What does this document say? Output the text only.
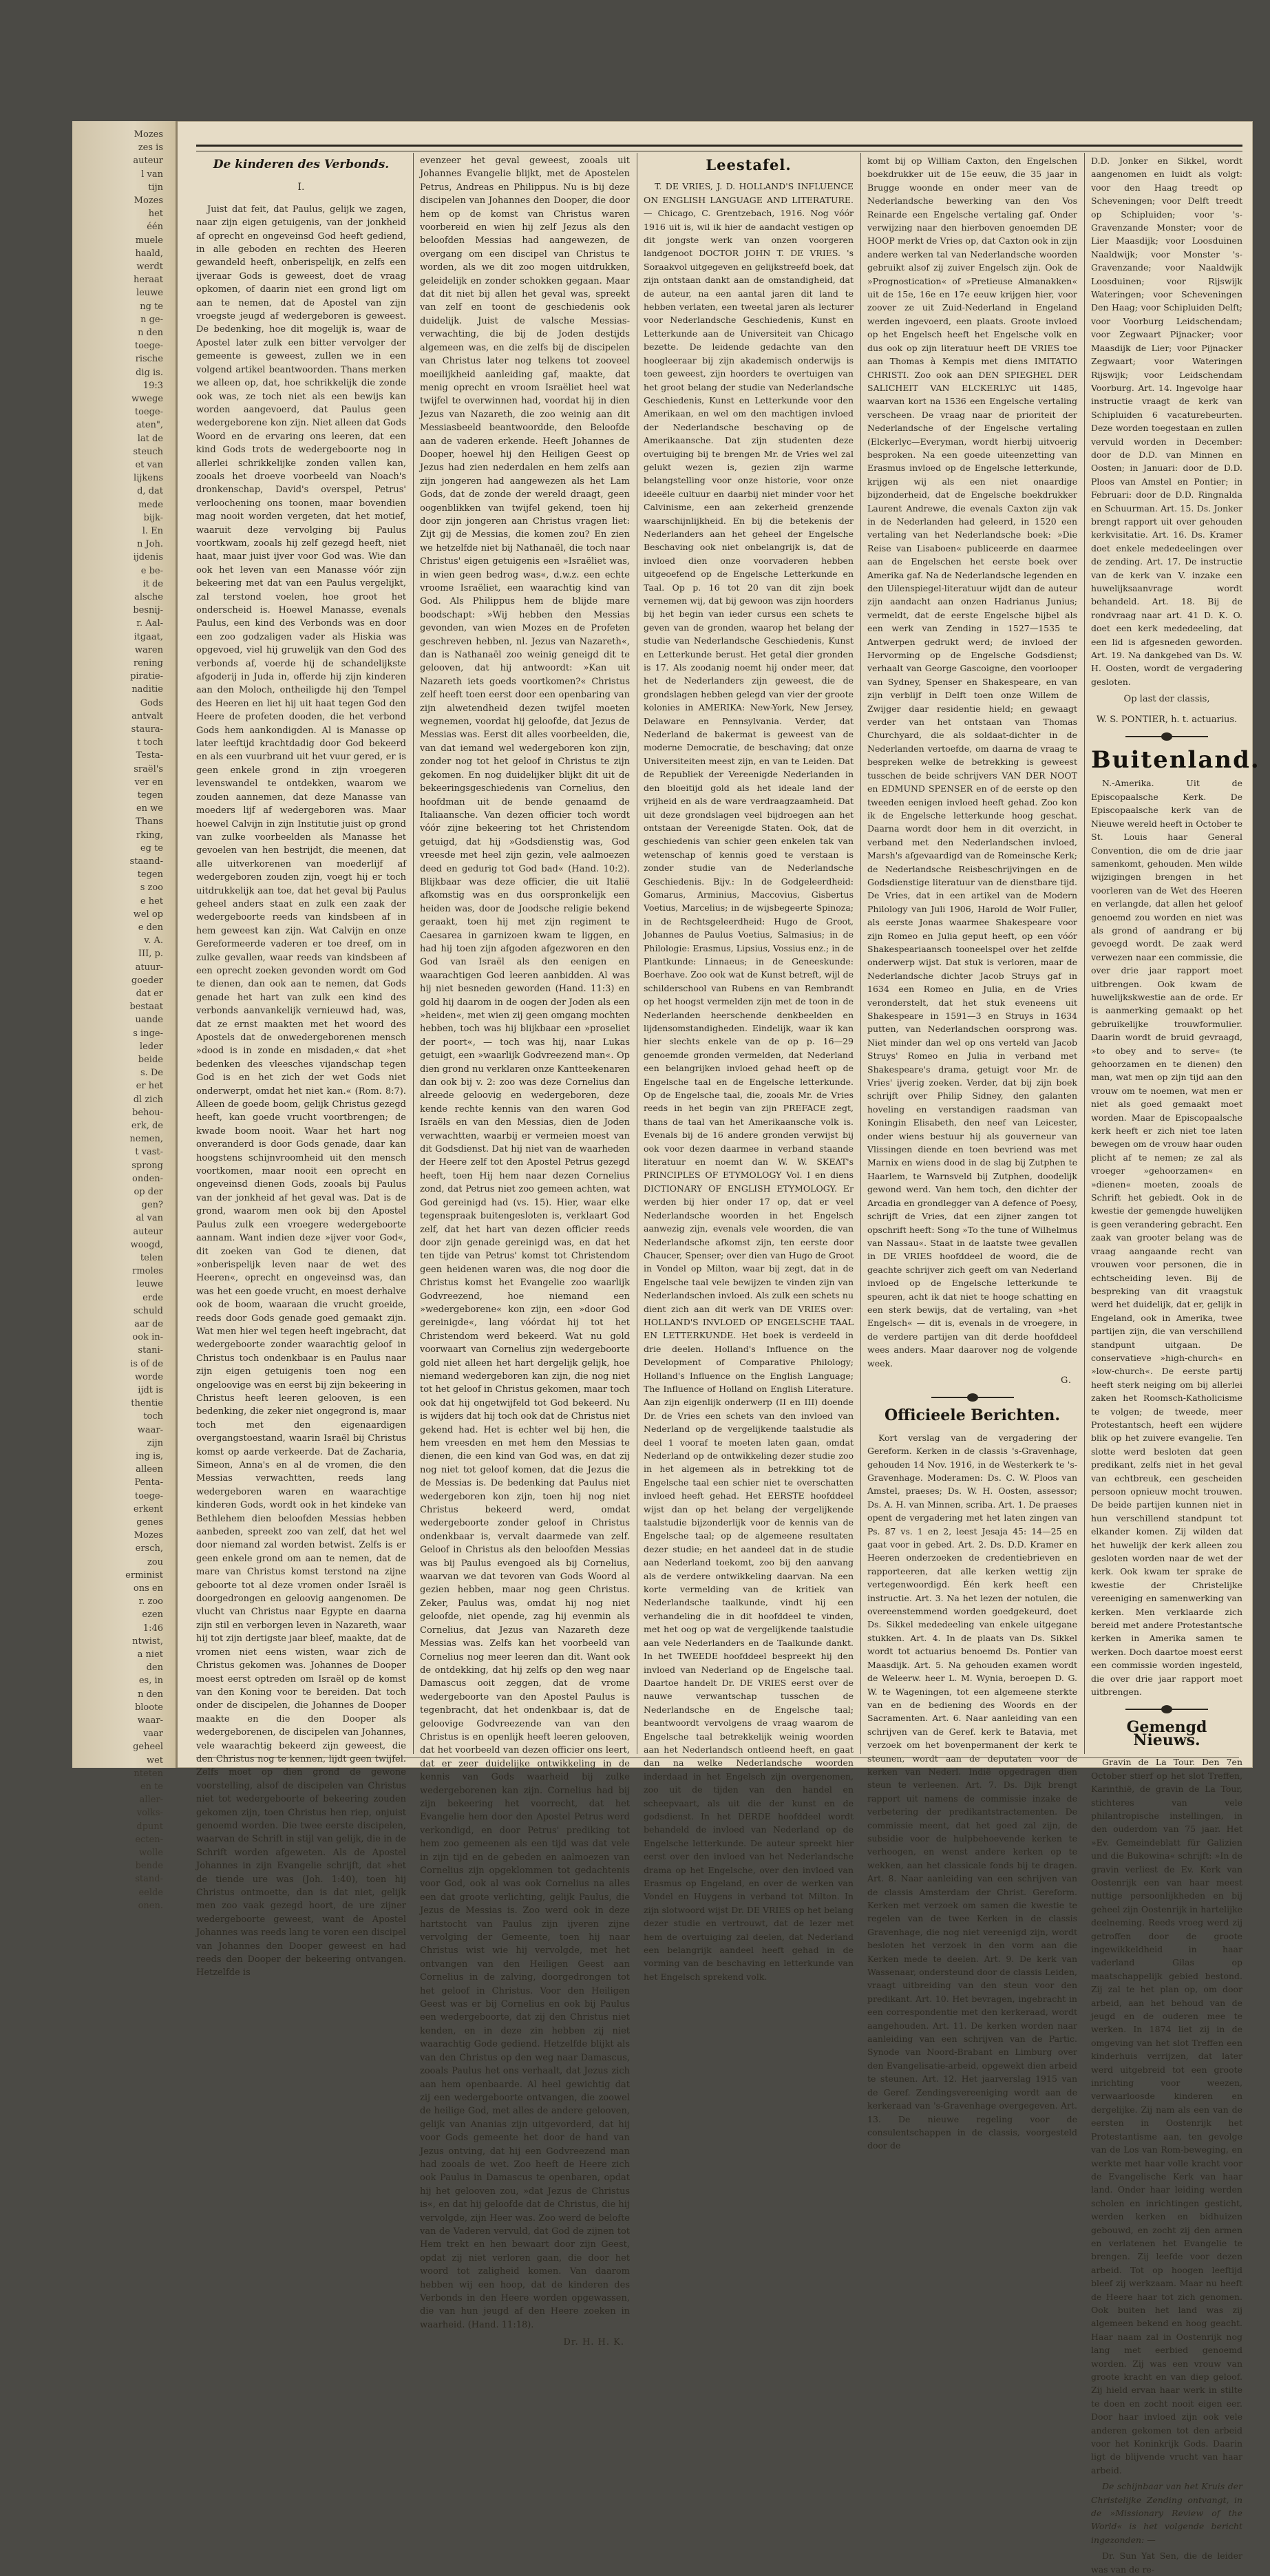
Mozes
zes is
auteur
l van
tijn
Mozes
het
één
muele
haald,
werdt
heraat
leuwe
ng te
n ge-
n den
toege-
rische
dig is.
19:3
wwege
toege-
aten",
lat de
steuch
et van
lijkens
d, dat
mede
bijk-
l. En
n Joh.
ijdenis
e be-
it de
alsche
besnij-
r. Aal-
itgaat,
waren
rening
piratie-
naditie
Gods
antvalt
staura-
t toch
Testa-
sraël's
ver en
tegen
en we
Thans
rking,
eg te
staand-
tegen
s zoo
e het
wel op
e den
v. A.
III, p.
atuur-
goeder
dat er
bestaat
uande
s inge-
leder
beide
s. De
er het
dl zich
behou-
erk, de
nemen,
t vast-
sprong
onden-
op der
gen?
al van
auteur
woogd,
telen
rmoles
leuwe
erde
schuld
aar de
ook in-
stani-
is of de
worde
ijdt is
thentie
toch
waar-
zijn
ing is,
alleen
Penta-
toege-
erkent
genes
Mozes
ersch,
zou
erminist
ons en
r. zoo
ezen
1:46
ntwist,
a niet
den
es, in
n den
bloote
waar-
vaar
geheel
wet
nteten
en te
aller-
volks-
dpunt
ecten-
wolle
bende
stand-
eelde
onen.
De kinderen des Verbonds.
I.

Juist dat feit, dat Paulus, gelijk we zagen, naar zijn eigen getuigenis, van der jonkheid af oprecht en ongeveinsd God heeft gediend, in alle geboden en rechten des Heeren gewandeld heeft, onberispelijk, en zelfs een ijveraar Gods is geweest, doet de vraag opkomen, of daarin niet een grond ligt om aan te nemen, dat de Apostel van zijn vroegste jeugd af wedergeboren is geweest. De bedenking, hoe dit mogelijk is, waar de Apostel later zulk een bitter vervolger der gemeente is geweest, zullen we in een volgend artikel beantwoorden. Thans merken we alleen op, dat, hoe schrikkelijk die zonde ook was, ze toch niet als een bewijs kan worden aangevoerd, dat Paulus geen wedergeborene kon zijn. Niet alleen dat Gods Woord en de ervaring ons leeren, dat een kind Gods trots de wedergeboorte nog in allerlei schrikkelijke zonden vallen kan, zooals het droeve voorbeeld van Noach's dronkenschap, David's overspel, Petrus' verloochening ons toonen, maar bovendien mag nooit worden vergeten, dat het motief, waaruit deze vervolging bij Paulus voortkwam, zooals hij zelf gezegd heeft, niet haat, maar juist ijver voor God was. Wie dan ook het leven van een Manasse vóór zijn bekeering met dat van een Paulus vergelijkt, zal terstond voelen, hoe groot het onderscheid is. Hoewel Manasse, evenals Paulus, een kind des Verbonds was en door een zoo godzaligen vader als Hiskia was opgevoed, viel hij gruwelijk van den God des verbonds af, voerde hij de schandelijkste afgoderij in Juda in, offerde hij zijn kinderen aan den Moloch, ontheiligde hij den Tempel des Heeren en liet hij uit haat tegen God den Heere de profeten dooden, die het verbond Gods hem aankondigden. Al is Manasse op later leeftijd krachtdadig door God bekeerd en als een vuurbrand uit het vuur gered, er is geen enkele grond in zijn vroegeren levenswandel te ontdekken, waarom we zouden aannemen, dat deze Manasse van moeders lijf af wedergeboren was. Maar hoewel Calvijn in zijn Institutie juist op grond van zulke voorbeelden als Manasse het gevoelen van hen bestrijdt, die meenen, dat alle uitverkorenen van moederlijf af wedergeboren zouden zijn, voegt hij er toch uitdrukkelijk aan toe, dat het geval bij Paulus geheel anders staat en zulk een zaak der wedergeboorte reeds van kindsbeen af in hem geweest kan zijn. Wat Calvijn en onze Gereformeerde vaderen er toe dreef, om in zulke gevallen, waar reeds van kindsbeen af een oprecht zoeken gevonden wordt om God te dienen, dan ook aan te nemen, dat Gods genade het hart van zulk een kind des verbonds aanvankelijk vernieuwd had, was, dat ze ernst maakten met het woord des Apostels dat de onwedergeborenen mensch »dood is in zonde en misdaden,« dat »het bedenken des vleesches vijandschap tegen God is en het zich der wet Gods niet onderwerpt, omdat het niet kan.« (Rom. 8:7). Alleen de goede boom, gelijk Christus gezegd heeft, kan goede vrucht voortbrengen; de kwade boom nooit. Waar het hart nog onveranderd is door Gods genade, daar kan hoogstens schijnvroomheid uit den mensch voortkomen, maar nooit een oprecht en ongeveinsd dienen Gods, zooals bij Paulus van der jonkheid af het geval was. Dat is de grond, waarom men ook bij den Apostel Paulus zulk een vroegere wedergeboorte aannam. Want indien deze »ijver voor God«, dit zoeken van God te dienen, dat »onberispelijk leven naar de wet des Heeren«, oprecht en ongeveinsd was, dan was het een goede vrucht, en moest derhalve ook de boom, waaraan die vrucht groeide, reeds door Gods genade goed gemaakt zijn. Wat men hier wel tegen heeft ingebracht, dat wedergeboorte zonder waarachtig geloof in Christus toch ondenkbaar is en Paulus naar zijn eigen getuigenis toen nog een ongeloovige was en eerst bij zijn bekeering in Christus heeft leeren gelooven, is een bedenking, die zeker niet ongegrond is, maar toch met den eigenaardigen overgangstoestand, waarin Israël bij Christus komst op aarde verkeerde. Dat de Zacharia, Simeon, Anna's en al de vromen, die den Messias verwachtten, reeds lang wedergeboren waren en waarachtige kinderen Gods, wordt ook in het kindeke van Bethlehem dien beloofden Messias hebben aanbeden, spreekt zoo van zelf, dat het wel door niemand zal worden betwist. Zelfs is er geen enkele grond om aan te nemen, dat de mare van Christus komst terstond na zijne geboorte tot al deze vromen onder Israël is doorgedrongen en geloovig aangenomen. De vlucht van Christus naar Egypte en daarna zijn stil en verborgen leven in Nazareth, waar hij tot zijn dertigste jaar bleef, maakte, dat de vromen niet eens wisten, waar zich de Christus gekomen was. Johannes de Dooper moest eerst optreden om Israël op de komst van den Koning voor te bereiden. Dat toch onder de discipelen, die Johannes de Dooper maakte en die den Dooper als wedergeborenen, de discipelen van Johannes, vele waarachtig bekeerd zijn geweest, die den Christus nog te kennen, lijdt geen twijfel. Zelfs moet op dien grond de gewone voorstelling, alsof de discipelen van Christus niet tot wedergeboorte of bekeering zouden gekomen zijn, toen Christus hen riep, onjuist genoemd worden. Die twee eerste discipelen, waarvan de Schrift in stijl van gelijk, die in de Schrift worden afgeweten. Als de Apostel Johannes in zijn Evangelie schrijft, dat »het de tiende ure was (Joh. 1:40), toen hij Christus ontmoette, dan is dat niet, gelijk men zoo vaak gezegd hoort, de ure zijner wedergeboorte geweest, want de Apostel Johannes was reeds lang te voren een discipel van Johannes den Dooper geweest en had reeds den Dooper der bekeering ontvangen. Hetzelfde is

evenzeer het geval geweest, zooals uit Johannes Evangelie blijkt, met de Apostelen Petrus, Andreas en Philippus. Nu is bij deze discipelen van Johannes den Dooper, die door hem op de komst van Christus waren voorbereid en wien hij zelf Jezus als den beloofden Messias had aangewezen, de overgang om een discipel van Christus te worden, als we dit zoo mogen uitdrukken, geleidelijk en zonder schokken gegaan. Maar dat dit niet bij allen het geval was, spreekt van zelf en toont de geschiedenis ook duidelijk. Juist de valsche Messias-verwachting, die bij de Joden destijds algemeen was, en die zelfs bij de discipelen van Christus later nog telkens tot zooveel moeilijkheid aanleiding gaf, maakte, dat menig oprecht en vroom Israëliet heel wat twijfel te overwinnen had, voordat hij in dien Jezus van Nazareth, die zoo weinig aan dit Messiasbeeld beantwoordde, den Beloofde aan de vaderen erkende. Heeft Johannes de Dooper, hoewel hij den Heiligen Geest op Jezus had zien nederdalen en hem zelfs aan zijn jongeren had aangewezen als het Lam Gods, dat de zonde der wereld draagt, geen oogenblikken van twijfel gekend, toen hij door zijn jongeren aan Christus vragen liet: Zijt gij de Messias, die komen zou? En zien we hetzelfde niet bij Nathanaël, die toch naar Christus' eigen getuigenis een »Israëliet was, in wien geen bedrog was«, d.w.z. een echte vroome Israëliet, een waarachtig kind van God. Als Philippus hem de blijde mare boodschapt: »Wij hebben den Messias gevonden, van wien Mozes en de Profeten geschreven hebben, nl. Jezus van Nazareth«, dan is Nathanaël zoo weinig geneigd dit te gelooven, dat hij antwoordt: »Kan uit Nazareth iets goeds voortkomen?« Christus zelf heeft toen eerst door een openbaring van zijn alwetendheid dezen twijfel moeten wegnemen, voordat hij geloofde, dat Jezus de Messias was. Eerst dit alles voorbeelden, die, van dat iemand wel wedergeboren kon zijn, zonder nog tot het geloof in Christus te zijn gekomen. En nog duidelijker blijkt dit uit de bekeeringsgeschiedenis van Cornelius, den hoofdman uit de bende genaamd de Italiaansche. Van dezen officier toch wordt vóór zijne bekeering tot het Christendom getuigd, dat hij »Godsdienstig was, God vreesde met heel zijn gezin, vele aalmoezen deed en gedurig tot God bad« (Hand. 10:2). Blijkbaar was deze officier, die uit Italië afkomstig was en dus oorspronkelijk een heiden was, door de Joodsche religie bekend geraakt, toen hij met zijn regiment te Caesarea in garnizoen kwam te liggen, en had hij toen zijn afgoden afgezworen en den God van Israël als den eenigen en waarachtigen God leeren aanbidden. Al was hij niet besneden geworden (Hand. 11:3) en gold hij daarom in de oogen der Joden als een »heiden«, met wien zij geen omgang mochten hebben, toch was hij blijkbaar een »proseliet der poort«, — toch was hij, naar Lukas getuigt, een »waarlijk Godvreezend man«. Op dien grond nu verklaren onze Kantteekenaren dan ook bij v. 2: zoo was deze Cornelius dan alreede geloovig en wedergeboren, deze kende rechte kennis van den waren God Israëls en van den Messias, dien de Joden verwachtten, waarbij er vermeien moest van dit Godsdienst. Dat hij niet van de waarheden der Heere zelf tot den Apostel Petrus gezegd heeft, toen Hij hem naar dezen Cornelius zond, dat Petrus niet zoo gemeen achten, wat God gereinigd had (vs. 15). Hier, waar elke tegenspraak buitengesloten is, verklaart God zelf, dat het hart van dezen officier reeds door zijn genade gereinigd was, en dat het ten tijde van Petrus' komst tot Christendom geen heidenen waren was, die nog door die Christus komst het Evangelie zoo waarlijk Godvreezend, hoe niemand een »wedergeborene« kon zijn, een »door God gereinigde«, lang vóórdat hij tot het Christendom werd bekeerd. Wat nu gold voorwaart van Cornelius zijn wedergeboorte gold niet alleen het hart dergelijk gelijk, hoe niemand wedergeboren kan zijn, die nog niet tot het geloof in Christus gekomen, maar toch ook dat hij ongetwijfeld tot God bekeerd. Nu is wijders dat hij toch ook dat de Christus niet gekend had. Het is echter wel bij hen, die hem vreesden en met hem den Messias te dienen, die een kind van God was, en dat zij nog niet tot geloof komen, dat die Jezus die de Messias is. De bedenking dat Paulus niet wedergeboren kon zijn, toen hij nog niet Christus bekeerd werd, omdat wedergeboorte zonder geloof in Christus ondenkbaar is, vervalt daarmede van zelf. Geloof in Christus als den beloofden Messias was bij Paulus evengoed als bij Cornelius, waarvan we dat tevoren van Gods Woord al gezien hebben, maar nog geen Christus. Zeker, Paulus was, omdat hij nog niet geloofde, niet opende, zag hij evenmin als Cornelius, dat Jezus van Nazareth deze Messias was. Zelfs kan het voorbeeld van Cornelius nog meer leeren dan dit. Want ook de ontdekking, dat hij zelfs op den weg naar Damascus ooit zeggen, dat de vrome wedergeboorte van den Apostel Paulus is tegenbracht, dat het ondenkbaar is, dat de geloovige Godvreezende van van den Christus is en openlijk heeft leeren gelooven, dat het voorbeeld van dezen officier ons leert, dat er zeer duidelijke ontwikkeling in de kennis van Gods waarheid bij zulke wedergeborenen kan zijn. Cornelius had bij zijn bekeering het voorrecht, dat het Evangelie hem door den Apostel Petrus werd verkondigd, en door Petrus' prediking tot hem zoo gemeenen als een tijd was dat vele in zijn tijd en de gebeden en aalmoezen van Cornelius zijn opgeklommen tot gedachtenis voor God, ook al was ook Cornelius na alles een dat groote verlichting, gelijk Paulus, die Jezus de Messias is. Zoo werd ook in deze hartstocht van Paulus zijn ijveren zijne vervolging der Gemeente, toen hij naar Christus wist wie hij vervolgde, met het ontvangen van den Heiligen Geest aan Cornelius in de zalving, doorgedrongen tot het geloof in Christus. Voor den Heiligen Geest was er bij Cornelius en ook bij Paulus een wedergeboorte, dat zij den Christus niet kenden, en in deze zin hebben zij niet waarachtig Gode gediend. Hetzelfde blijkt als van den Christus op den weg naar Damascus, zooals Paulus het ons verhaalt, dat Jezus zich aan hem openbaarde. Al heel gewichtig dat zij een wedergeboorte ontvangen, die zoowel de heilige God, met alles de andere gelooven, gelijk van Ananias zijn uitgevorderd, dat hij voor Gods gemeente het door de hand van Jezus ontving, dat hij een Godvreezend man had zooals de wet. Zoo heeft de Heere zich ook Paulus in Damascus te openbaren, opdat hij het gelooven zou, »dat Jezus de Christus is«, en dat hij geloofde dat de Christus, die hij vervolgde, zijn Heer was. Zoo werd de belofte van de Vaderen vervuld, dat God de zijnen tot Hem trekt en hen bewaart door zijn Geest, opdat zij niet verloren gaan, die door het woord tot zaligheid komen. Van daarom hebben wij een hoop, dat de kinderen des Verbonds in den Heere worden opgewassen, die van hun jeugd af den Heere zoeken in waarheid. (Hand. 11:18).

Dr. H. H. K.
Leestafel.

T. DE VRIES, J. D. HOLLAND'S INFLUENCE ON ENGLISH LANGUAGE AND LITERATURE. — Chicago, C. Grentzebach, 1916. Nog vóór 1916 uit is, wil ik hier de aandacht vestigen op dit jongste werk van onzen voorgeren landgenoot DOCTOR JOHN T. DE VRIES. 's Soraakvol uitgegeven en gelijkstreefd boek, dat zijn ontstaan dankt aan de omstandigheid, dat de auteur, na een aantal jaren dit land te hebben verlaten, een tweetal jaren als lecturer voor Nederlandsche Geschiedenis, Kunst en Letterkunde aan de Universiteit van Chicago bezette. De leidende gedachte van den hoogleeraar bij zijn akademisch onderwijs is toen geweest, zijn hoorders te overtuigen van het groot belang der studie van Nederlandsche Geschiedenis, Kunst en Letterkunde voor den Amerikaan, en wel om den machtigen invloed der Nederlandsche beschaving op de Amerikaansche. Dat zijn studenten deze overtuiging bij te brengen Mr. de Vries wel zal gelukt wezen is, gezien zijn warme belangstelling voor onze historie, voor onze ideeële cultuur en daarbij niet minder voor het Calvinisme, een aan zekerheid grenzende waarschijnlijkheid. En bij die betekenis der Nederlanders aan het geheel der Engelsche Beschaving ook niet onbelangrijk is, dat de invloed dien onze voorvaderen hebben uitgeoefend op de Engelsche Letterkunde en Taal. Op p. 16 tot 20 van dit zijn boek vernemen wij, dat bij gewoon was zijn hoorders bij het begin van ieder cursus een schets te geven van de gronden, waarop het belang der studie van Nederlandsche Geschiedenis, Kunst en Letterkunde berust. Het getal dier gronden is 17. Als zoodanig noemt hij onder meer, dat het de Nederlanders zijn geweest, die de grondslagen hebben gelegd van vier der groote kolonies in AMERIKA: New-York, New Jersey, Delaware en Pennsylvania. Verder, dat Nederland de bakermat is geweest van de moderne Democratie, de beschaving; dat onze Universiteiten meest zijn, en van te Leiden. Dat de Republiek der Vereenigde Nederlanden in den bloeitijd gold als het ideale land der vrijheid en als de ware verdraagzaamheid. Dat uit deze grondslagen veel bijdroegen aan het ontstaan der Vereenigde Staten. Ook, dat de geschiedenis van schier geen enkelen tak van wetenschap of kennis goed te verstaan is zonder studie van de Nederlandsche Geschiedenis. Bijv.: In de Godgeleerdheid: Gomarus, Arminius, Maccovius, Gisbertus Voetius, Marcelius; in de wijsbegeerte Spinoza; in de Rechtsgeleerdheid: Hugo de Groot, Johannes de Paulus Voetius, Salmasius; in de Philologie: Erasmus, Lipsius, Vossius enz.; in de Plantkunde: Linnaeus; in de Geneeskunde: Boerhave. Zoo ook wat de Kunst betreft, wijl de schilderschool van Rubens en van Rembrandt op het hoogst vermelden zijn met de toon in de Nederlanden heerschende denkbeelden en lijdensomstandigheden. Eindelijk, waar ik kan hier slechts enkele van de op p. 16—29 genoemde gronden vermelden, dat Nederland een belangrijken invloed gehad heeft op de Engelsche taal en de Engelsche letterkunde. Op de Engelsche taal, die, zooals Mr. de Vries reeds in het begin van zijn PREFACE zegt, thans de taal van het Amerikaansche volk is. Evenals bij de 16 andere gronden verwijst bij ook voor dezen daarmee in verband staande literatuur en noemt dan W. W. SKEAT's PRINCIPLES OF ETYMOLOGY Vol. I en diens DICTIONARY OF ENGLISH ETYMOLOGY. Er werden bij hier onder 17 op, dat er veel Nederlandsche woorden in het Engelsch aanwezig zijn, evenals vele woorden, die van Nederlandsche afkomst zijn, ten eerste door Chaucer, Spenser; over dien van Hugo de Groot in Vondel op Milton, waar bij zegt, dat in de Engelsche taal vele bewijzen te vinden zijn van Nederlandschen invloed. Als zulk een schets nu dient zich aan dit werk van DE VRIES over: HOLLAND'S INVLOED OP ENGELSCHE TAAL EN LETTERKUNDE. Het boek is verdeeld in drie deelen. Holland's Influence on the Development of Comparative Philology; Holland's Influence on the English Language; The Influence of Holland on English Literature. Aan zijn eigenlijk onderwerp (II en III) doende Dr. de Vries een schets van den invloed van Nederland op de vergelijkende taalstudie als deel 1 vooraf te moeten laten gaan, omdat Nederland op de ontwikkeling dezer studie zoo in het algemeen als in betrekking tot de Engelsche taal een schier niet te overschatten invloed heeft gehad. Het EERSTE hoofddeel wijst dan op het belang der vergelijkende taalstudie bijzonderlijk voor de kennis van de Engelsche taal; op de algemeene resultaten dezer studie; en het aandeel dat in de studie aan Nederland toekomt, zoo bij den aanvang als de verdere ontwikkeling daarvan. Na een korte vermelding van de kritiek van Nederlandsche taalkunde, vindt hij een verhandeling die in dit hoofddeel te vinden, met het oog op wat de vergelijkende taalstudie aan vele Nederlanders en de Taalkunde dankt. In het TWEEDE hoofddeel bespreekt hij den invloed van Nederland op de Engelsche taal. Daartoe handelt Dr. DE VRIES eerst over de nauwe verwantschap tusschen de Nederlandsche en de Engelsche taal; beantwoordt vervolgens de vraag waarom de Engelsche taal betrekkelijk weinig woorden aan het Nederlandsch ontleend heeft, en gaat dan na welke Nederlandsche woorden inderdaad in het Engelsch zijn overgenomen, zoo uit de tijden van den handel en scheepvaart, als uit die der kunst en de godsdienst. In het DERDE hoofddeel wordt behandeld de invloed van Nederland op de Engelsche letterkunde. De auteur spreekt hier eerst over den invloed van het Nederlandsche drama op het Engelsche, over den invloed van Erasmus op Engeland, en over de werken van Vondel en Huygens in verband tot Milton. In zijn slotwoord wijst Dr. DE VRIES op het belang dezer studie en vertrouwt, dat de lezer met hem de overtuiging zal deelen, dat Nederland een belangrijk aandeel heeft gehad in de vorming van de beschaving en letterkunde van het Engelsch sprekend volk.

komt bij op William Caxton, den Engelschen boekdrukker uit de 15e eeuw, die 35 jaar in Brugge woonde en onder meer van de Nederlandsche bewerking van den Vos Reinarde een Engelsche vertaling gaf. Onder verwijzing naar den hierboven genoemden DE HOOP merkt de Vries op, dat Caxton ook in zijn andere werken tal van Nederlandsche woorden gebruikt alsof zij zuiver Engelsch zijn. Ook de »Prognostication« of »Pretieuse Almanakken« uit de 15e, 16e en 17e eeuw krijgen hier, voor zoover ze uit Zuid-Nederland in Engeland werden ingevoerd, een plaats. Groote invloed op het Engelsch heeft het Engelsche volk en dus ook op zijn literatuur heeft DE VRIES toe aan Thomas à Kempis met diens IMITATIO CHRISTI. Zoo ook aan DEN SPIEGHEL DER SALICHEIT VAN ELCKERLYC uit 1485, waarvan kort na 1536 een Engelsche vertaling verscheen. De vraag naar de prioriteit der Nederlandsche of der Engelsche vertaling (Elckerlyc—Everyman, wordt hierbij uitvoerig besproken. Na een goede uiteenzetting van Erasmus invloed op de Engelsche letterkunde, krijgen wij als een niet onaardige bijzonderheid, dat de Engelsche boekdrukker Laurent Andrewe, die evenals Caxton zijn vak in de Nederlanden had geleerd, in 1520 een vertaling van het Nederlandsche boek: »Die Reise van Lisaboen« publiceerde en daarmee aan de Engelschen het eerste boek over Amerika gaf. Na de Nederlandsche legenden en den Uilenspiegel-literatuur wijdt dan de auteur zijn aandacht aan onzen Hadrianus Junius; vermeldt, dat de eerste Engelsche bijbel als een werk van Zending in 1527—1535 te Antwerpen gedrukt werd; de invloed der Hervorming op de Engelsche Godsdienst; verhaalt van George Gascoigne, den voorlooper van Sydney, Spenser en Shakespeare, en van zijn verblijf in Delft toen onze Willem de Zwijger daar residentie hield; en gewaagt verder van het ontstaan van Thomas Churchyard, die als soldaat-dichter in de Nederlanden vertoefde, om daarna de vraag te bespreken welke de betrekking is geweest tusschen de beide schrijvers VAN DER NOOT en EDMUND SPENSER en of de eerste op den tweeden eenigen invloed heeft gehad. Zoo kon ik de Engelsche letterkunde hoog geschat. Daarna wordt door hem in dit overzicht, in verband met den Nederlandschen invloed, Marsh's afgevaardigd van de Romeinsche Kerk; de Nederlandsche Reisbeschrijvingen en de Godsdienstige literatuur van de dienstbare tijd. De Vries, dat in een artikel van de Modern Philology van Juli 1906, Harold de Wolf Fuller, als eerste Jonas waarmee Shakespeare voor zijn Romeo en Julia geput heeft, op een vóór Shakespeariaansch tooneelspel over het zelfde onderwerp wijst. Dat stuk is verloren, maar de Nederlandsche dichter Jacob Struys gaf in 1634 een Romeo en Julia, en de Vries veronderstelt, dat het stuk eveneens uit Shakespeare in 1591—3 en Struys in 1634 putten, van Nederlandschen oorsprong was. Niet minder dan wel op ons verteld van Jacob Struys' Romeo en Julia in verband met Shakespeare's drama, getuigt voor Mr. de Vries' ijverig zoeken. Verder, dat bij zijn boek schrijft over Philip Sidney, den galanten hoveling en verstandigen raadsman van Koningin Elisabeth, den neef van Leicester, onder wiens bestuur hij als gouverneur van Vlissingen diende en toen bevriend was met Marnix en wiens dood in de slag bij Zutphen te Haarlem, te Warnsveld bij Zutphen, doodelijk gewond werd. Van hem toch, den dichter der Arcadia en grondlegger van A defence of Poesy, schrijft de Vries, dat een zijner zangen tot opschrift heeft: Song »To the tune of Wilhelmus van Nassau«. Staat in de laatste twee gevallen in DE VRIES hoofddeel de woord, die de geachte schrijver zich geeft om van Nederland invloed op de Engelsche letterkunde te speuren, acht ik dat niet te hooge schatting en een sterk bewijs, dat de vertaling, van »het Engelsch« — dit is, evenals in de vroegere, in de verdere partijen van dit derde hoofddeel wees anders. Maar daarover nog de volgende week.

G.
Officieele Berichten.

Kort verslag van de vergadering der Gereform. Kerken in de classis 's-Gravenhage, gehouden 14 Nov. 1916, in de Westerkerk te 's-Gravenhage. Moderamen: Ds. C. W. Ploos van Amstel, praeses; Ds. W. H. Oosten, assessor; Ds. A. H. van Minnen, scriba. Art. 1. De praeses opent de vergadering met het laten zingen van Ps. 87 vs. 1 en 2, leest Jesaja 45: 14—25 en gaat voor in gebed. Art. 2. Ds. D.D. Kramer en Heeren onderzoeken de credentiebrieven en rapporteeren, dat alle kerken wettig zijn vertegenwoordigd. Één kerk heeft een instructie. Art. 3. Na het lezen der notulen, die overeenstemmend worden goedgekeurd, doet Ds. Sikkel mededeeling van enkele uitgegane stukken. Art. 4. In de plaats van Ds. Sikkel wordt tot actuarius benoemd Ds. Pontier van Maasdijk. Art. 5. Na gehouden examen wordt de Weleerw. heer L. M. Wynia, beroepen D. G. W. te Wageningen, tot een algemeene sterkte van en de bediening des Woords en der Sacramenten. Art. 6. Naar aanleiding van een schrijven van de Geref. kerk te Batavia, met verzoek om het bovenpermanent der kerk te steunen, wordt aan de deputaten voor de kerken van Nederl. Indië opgedragen dien steun te verleenen. Art. 7. Ds. Dijk brengt rapport uit namens de commissie inzake de verbetering der predikantstractementen. De commissie meent, dat het goed zal zijn, de subsidie voor de hulpbehoevende kerken te verhoogen, en wenst andere kerken op te wekken, aan het classicale fonds bij te dragen. Art. 8. Naar aanleiding van een schrijven van de classis Amsterdam der Christ. Gereform. Kerken met verzoek om samen die kwestie te regelen van de twee Kerken in de classis Gravenhage, die nog niet vereenigd zijn, wordt besloten het verzoek in den vorm aan die Kerken mede te deelen. Art. 9. De kerk van Wassenaar, ondersteund door de classis Leiden, vraagt uitbreiding van den steun voor den predikant. Art. 10. Het bevragen, ingebracht in een correspondentie met den kerkeraad, wordt aangehouden. Art. 11. De kerken worden naar aanleiding van een schrijven van de Partic. Synode van Noord-Brabant en Limburg over den Evangelisatie-arbeid, opgewekt dien arbeid te steunen. Art. 12. Het jaarverslag 1915 van de Geref. Zendingsvereeniging wordt aan de kerkeraad van 's-Gravenhage overgegeven. Art. 13. De nieuwe regeling voor de consulentschappen in de classis, voorgesteld door de

D.D. Jonker en Sikkel, wordt aangenomen en luidt als volgt: voor den Haag treedt op Scheveningen; voor Delft treedt op Schipluiden; voor 's-Gravenzande Monster; voor de Lier Maasdijk; voor Loosduinen Naaldwijk; voor Monster 's-Gravenzande; voor Naaldwijk Loosduinen; voor Rijswijk Wateringen; voor Scheveningen Den Haag; voor Schipluiden Delft; voor Voorburg Leidschendam; voor Zegwaart Pijnacker; voor Maasdijk de Lier; voor Pijnacker Zegwaart; voor Wateringen Rijswijk; voor Leidschendam Voorburg. Art. 14. Ingevolge haar instructie vraagt de kerk van Schipluiden 6 vacaturebeurten. Deze worden toegestaan en zullen vervuld worden in December: door de D.D. van Minnen en Oosten; in Januari: door de D.D. Ploos van Amstel en Pontier; in Februari: door de D.D. Ringnalda en Schuurman. Art. 15. Ds. Jonker brengt rapport uit over gehouden kerkvisitatie. Art. 16. Ds. Kramer doet enkele mededeelingen over de zending. Art. 17. De instructie van de kerk van V. inzake een huwelijksaanvrage wordt behandeld. Art. 18. Bij de rondvraag naar art. 41 D. K. O. doet een kerk mededeeling, dat een lid is afgesneden geworden. Art. 19. Na dankgebed van Ds. W. H. Oosten, wordt de vergadering gesloten.

Op last der classis,
W. S. PONTIER, h. t. actuarius.
Buitenland.

N.-Amerika. Uit de Episcopaalsche Kerk. De Episcopaalsche kerk van de Nieuwe wereld heeft in October te St. Louis haar General Convention, die om de drie jaar samenkomt, gehouden. Men wilde wijzigingen brengen in het voorleren van de Wet des Heeren en verlangde, dat allen het geloof genoemd zou worden en niet was als grond of aandrang er bij gevoegd wordt. De zaak werd verwezen naar een commissie, die over drie jaar rapport moet uitbrengen. Ook kwam de huwelijkskwestie aan de orde. Er is aanmerking gemaakt op het gebruikelijke trouwformulier. Daarin wordt de bruid gevraagd, »to obey and to serve« (te gehoorzamen en te dienen) den man, wat men op zijn tijd aan den vrouw om te noemen, wat men er niet als goed gemaakt moet worden. Maar de Episcopaalsche kerk heeft er zich niet toe laten bewegen om de vrouw haar ouden plicht af te nemen; ze zal als vroeger »gehoorzamen« en »dienen« moeten, zooals de Schrift het gebiedt. Ook in de kwestie der gemengde huwelijken is geen verandering gebracht. Een zaak van grooter belang was de vraag aangaande recht van vrouwen voor personen, die in echtscheiding leven. Bij de bespreking van dit vraagstuk werd het duidelijk, dat er, gelijk in Engeland, ook in Amerika, twee partijen zijn, die van verschillend standpunt uitgaan. De conservatieve »high-church« en »low-church«. De eerste partij heeft sterk neiging om bij allerlei zaken het Roomsch-Katholicisme te volgen; de tweede, meer Protestantsch, heeft een wijdere blik op het zuivere evangelie. Ten slotte werd besloten dat geen predikant, zelfs niet in het geval van echtbreuk, een gescheiden persoon opnieuw mocht trouwen. De beide partijen kunnen niet in hun verschillend standpunt tot elkander komen. Zij wilden dat het huwelijk der kerk alleen zou gesloten worden naar de wet der kerk. Ook kwam ter sprake de kwestie der Christelijke vereeniging en samenwerking van kerken. Men verklaarde zich bereid met andere Protestantsche kerken in Amerika samen te werken. Doch daartoe moest eerst een commissie worden ingesteld, die over drie jaar rapport moet uitbrengen.

Gemengd Nieuws.

Gravin de La Tour. Den 7en October stierf op het slot Treffen, Karinthië, de gravin de La Tour, stichteres van vele philantropische instellingen, in den ouderdom van 75 jaar. Het »Ev. Gemeindeblatt für Galizien und die Bukowina« schrijft: »In de gravin verliest de Ev. Kerk van Oostenrijk een van haar meest nuttige persoonlijkheden en bij geheel zijn Oostenrijk in hartelijke deelneming. Reeds vroeg werd zij getroffen door de groote ingewikkeldheid in haar vaderland Gilas op maatschappelijk gebied bestond. Zij zal te het plan op, om door arbeid, aan het behoud van de jeugd en de ouderen mee te werken. In 1874 liet zij in de omgeving van het slot Treffen een kinderhuis verrijzen, dat later werd uitgebreid tot een groote inrichting voor weezen, verwaarloosde kinderen en dergelijke. Zij nam als een van de eersten in Oostenrijk het Protestantisme aan, ten gevolge van de Los van Rom-beweging, en werkte met haar volle kracht voor de Evangelische Kerk van haar land. Onder haar leiding werden scholen en inrichtingen gesticht, werden kerken en bidhuizen gebouwd, en zocht zij den armen en verlatenen het Evangelie te brengen. Zij leefde voor dezen arbeid. Tot op hoogen leeftijd bleef zij werkzaam. Maar nu heeft de Heere haar tot zich genomen. Ook buiten het land was zij algemeen bekend en hoog geacht. Haar naam zal in Oostenrijk nog lang met eerbied genoemd worden. Zij was een vrouw van groote kracht en van diep geloof. Zij hield ervan haar werk in stilte te doen en zocht nooit eigen eer. Door haar invloed zijn ook vele anderen gekomen tot den arbeid voor het Koninkrijk Gods. Daarin ligt de blijvende vrucht van haar arbeid.

De schijnbaar van het Kruis der Christelijke Zending ontvangt, in de »Missionary Review of the World« is het volgende bericht ingezonden: —

Dr. Sun Yat Sen, die de leider was van de re-
